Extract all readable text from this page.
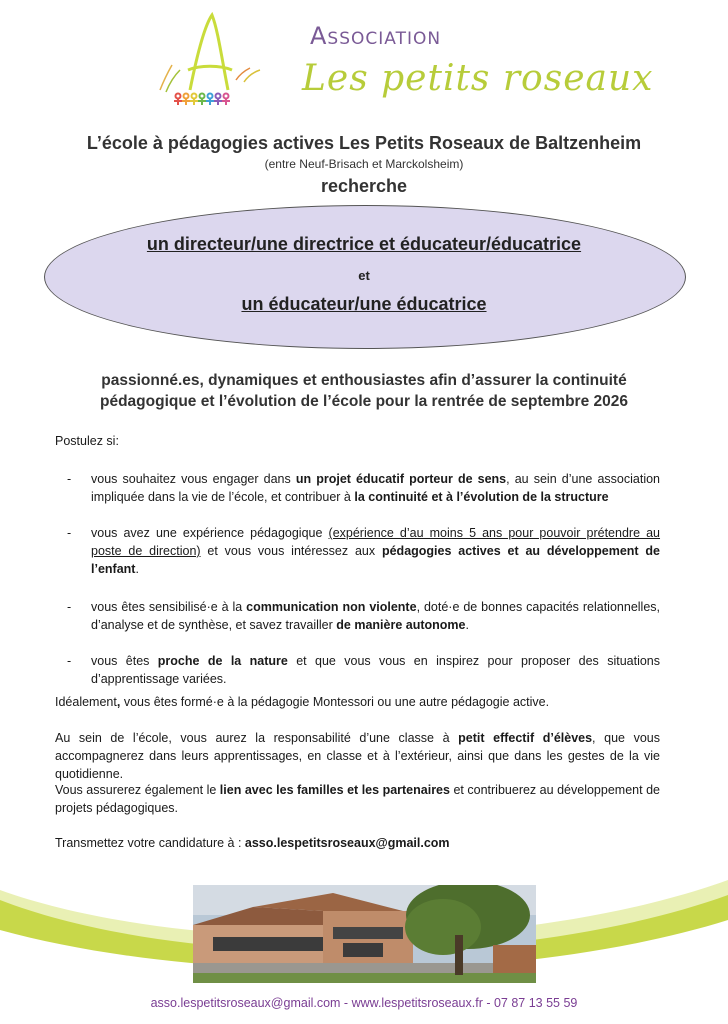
Association
Les petits roseaux
L’école à pédagogies actives Les Petits Roseaux de Baltzenheim
(entre Neuf-Brisach et Marckolsheim)
recherche
un directeur/une directrice et éducateur/éducatrice
et
un éducateur/une éducatrice
passionné.es, dynamiques et enthousiastes afin d’assurer la continuité pédagogique et l’évolution de l’école pour la rentrée de septembre 2026
Postulez si:
- vous souhaitez vous engager dans un projet éducatif porteur de sens, au sein d’une association impliquée dans la vie de l’école, et contribuer à la continuité et à l’évolution de la structure
- vous avez une expérience pédagogique (expérience d’au moins 5 ans pour pouvoir prétendre au poste de direction) et vous vous intéressez aux pédagogies actives et au développement de l’enfant.
- vous êtes sensibilisé·e à la communication non violente, doté·e de bonnes capacités relationnelles, d’analyse et de synthèse, et savez travailler de manière autonome.
- vous êtes proche de la nature et que vous vous en inspirez pour proposer des situations d’apprentissage variées.
Idéalement, vous êtes formé·e à la pédagogie Montessori ou une autre pédagogie active.
Au sein de l’école, vous aurez la responsabilité d’une classe à petit effectif d’élèves, que vous accompagnerez dans leurs apprentissages, en classe et à l’extérieur, ainsi que dans les gestes de la vie quotidienne.
Vous assurerez également le lien avec les familles et les partenaires et contribuerez au développement de projets pédagogiques.
Transmettez votre candidature à : asso.lespetitsroseaux@gmail.com
asso.lespetitsroseaux@gmail.com - www.lespetitsroseaux.fr - 07 87 13 55 59
